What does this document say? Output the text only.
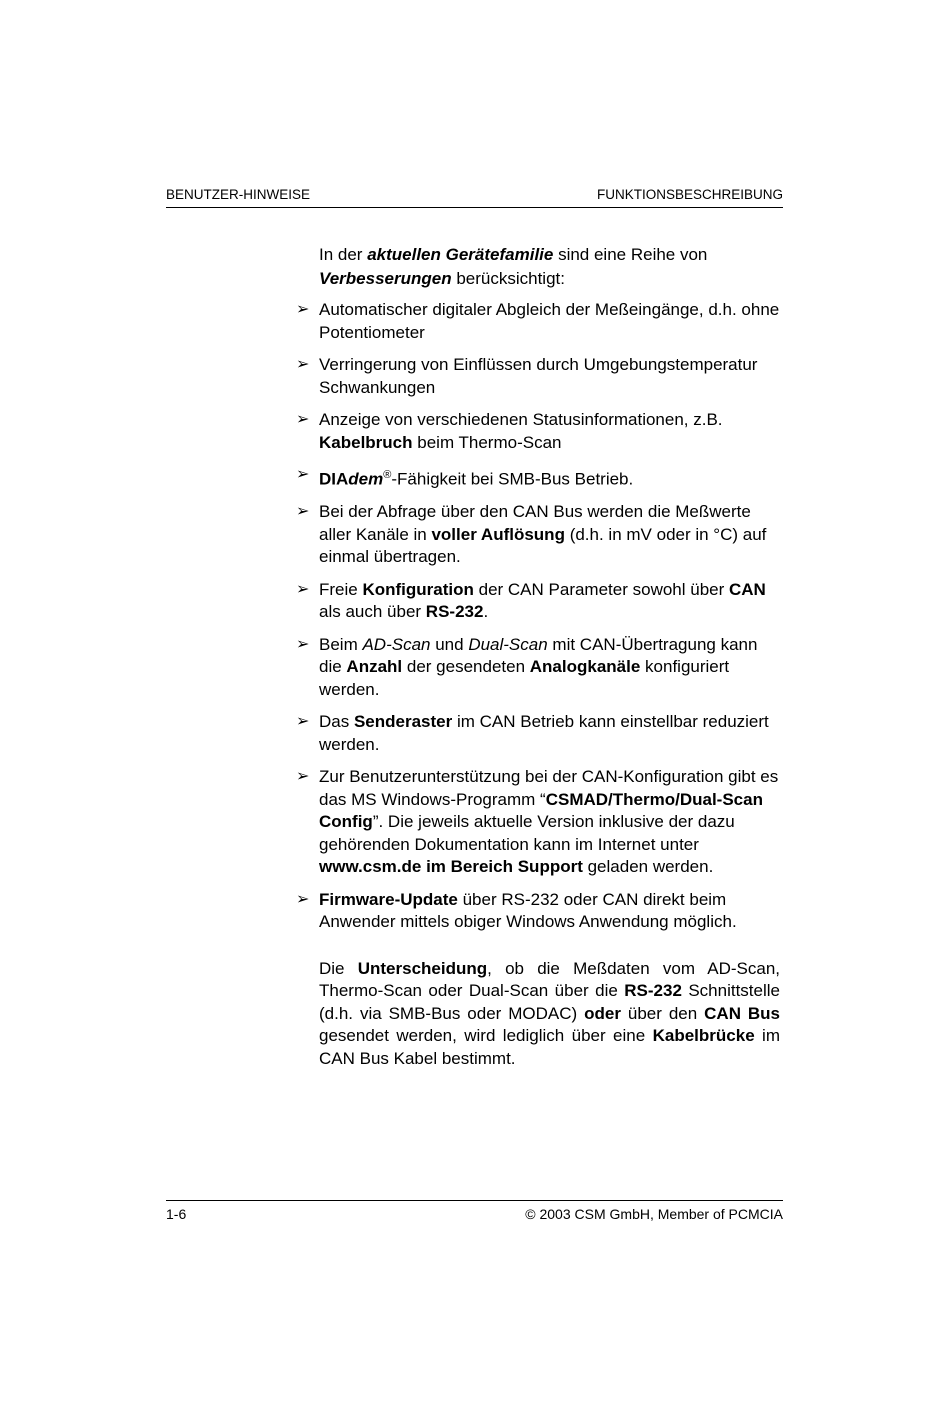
BENUTZER-HINWEISE	FUNKTIONSBESCHREIBUNG

In der aktuellen Gerätefamilie sind eine Reihe von Verbesserungen berücksichtigt:

➢ Automatischer digitaler Abgleich der Meßeingänge, d.h. ohne Potentiometer
➢ Verringerung von Einflüssen durch Umgebungstemperatur Schwankungen
➢ Anzeige von verschiedenen Statusinformationen, z.B. Kabelbruch beim Thermo-Scan
➢ DIAdem®-Fähigkeit bei SMB-Bus Betrieb.
➢ Bei der Abfrage über den CAN Bus werden die Meßwerte aller Kanäle in voller Auflösung (d.h. in mV oder in °C) auf einmal übertragen.
➢ Freie Konfiguration der CAN Parameter sowohl über CAN als auch über RS-232.
➢ Beim AD-Scan und Dual-Scan mit CAN-Übertragung kann die Anzahl der gesendeten Analogkanäle konfiguriert werden.
➢ Das Senderaster im CAN Betrieb kann einstellbar reduziert werden.
➢ Zur Benutzerunterstützung bei der CAN-Konfiguration gibt es das MS Windows-Programm “CSMAD/Thermo/Dual-Scan Config”. Die jeweils aktuelle Version inklusive der dazu gehörenden Dokumentation kann im Internet unter www.csm.de im Bereich Support geladen werden.
➢ Firmware-Update über RS-232 oder CAN direkt beim Anwender mittels obiger Windows Anwendung möglich.

Die Unterscheidung, ob die Meßdaten vom AD-Scan, Thermo-Scan oder Dual-Scan über die RS-232 Schnittstelle (d.h. via SMB-Bus oder MODAC) oder über den CAN Bus gesendet werden, wird lediglich über eine Kabelbrücke im CAN Bus Kabel bestimmt.

1-6	© 2003 CSM GmbH, Member of PCMCIA
